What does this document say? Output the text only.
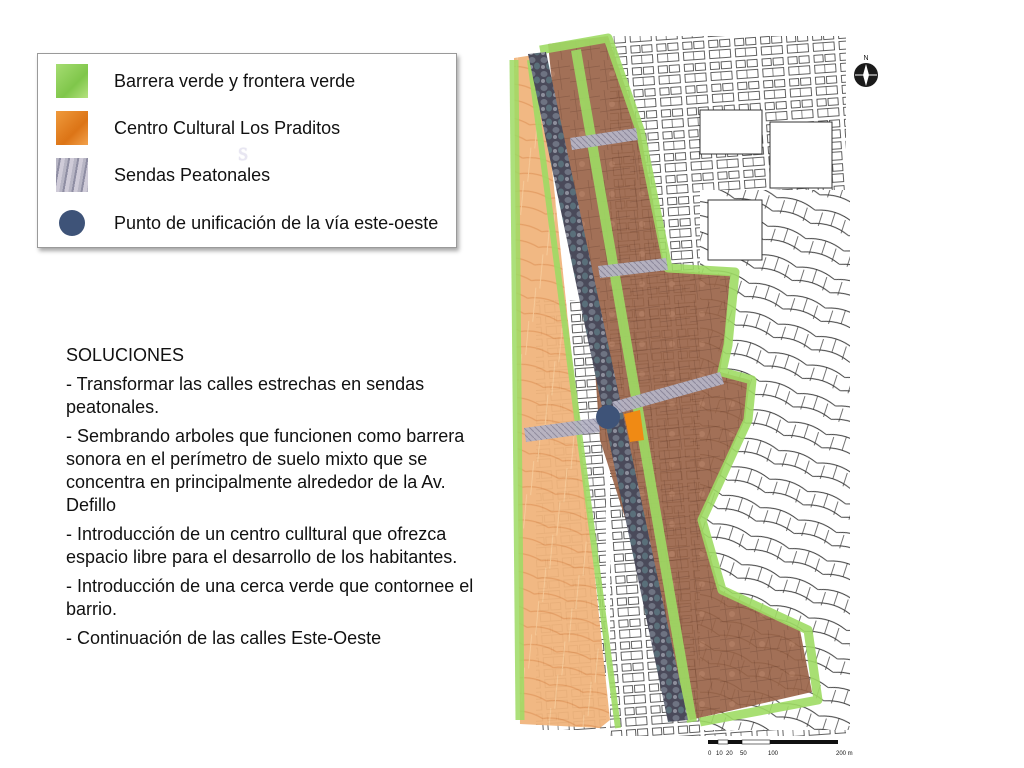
Barrera verde y frontera verde
Centro Cultural Los Praditos
Sendas Peatonales
Punto de unificación de la vía este-oeste
s
SOLUCIONES
- Transformar las calles estrechas en sendas peatonales.
- Sembrando arboles que funcionen como barrera sonora en el perímetro de suelo mixto que se concentra en principalmente alrededor de la Av. Defillo
- Introducción de un centro culltural que ofrezca espacio libre para el desarrollo de los habitantes.
- Introducción de una cerca verde que contornee el barrio.
- Continuación de las calles Este-Oeste
N
0 10 20 50	100	200 m
